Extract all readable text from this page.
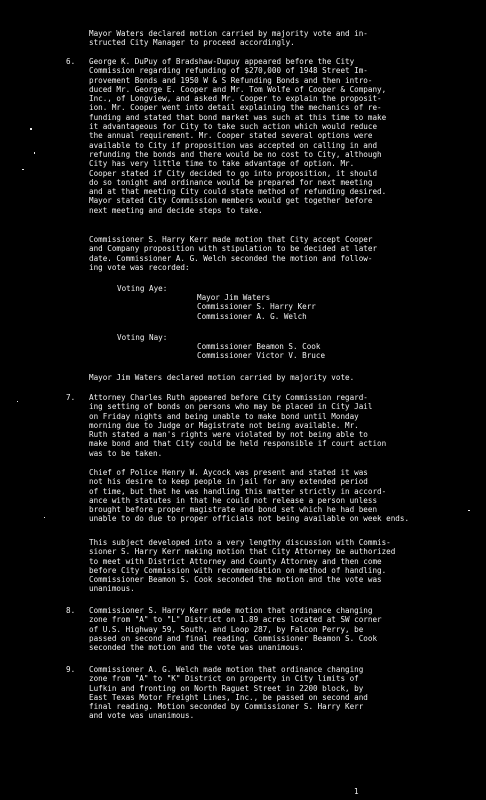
Mayor Waters declared motion carried by majority vote and in-
structed City Manager to proceed accordingly.
6.	George K. DuPuy of Bradshaw-Dupuy appeared before the City
Commission regarding refunding of $270,000 of 1948 Street Im-
provement Bonds and 1950 W & S Refunding Bonds and then intro-
duced Mr. George E. Cooper and Mr. Tom Wolfe of Cooper & Company,
Inc., of Longview, and asked Mr. Cooper to explain the proposit-
ion. Mr. Cooper went into detail explaining the mechanics of re-
funding and stated that bond market was such at this time to make
it advantageous for City to take such action which would reduce
the annual requirement. Mr. Cooper stated several options were
available to City if proposition was accepted on calling in and
refunding the bonds and there would be no cost to City, although
City has very little time to take advantage of option. Mr.
Cooper stated if City decided to go into proposition, it should
do so tonight and ordinance would be prepared for next meeting
and at that meeting City could state method of refunding desired.
Mayor stated City Commission members would get together before
next meeting and decide steps to take.
Commissioner S. Harry Kerr made motion that City accept Cooper
and Company proposition with stipulation to be decided at later
date. Commissioner A. G. Welch seconded the motion and follow-
ing vote was recorded:
Voting Aye:
Mayor Jim Waters
Commissioner S. Harry Kerr
Commissioner A. G. Welch
Voting Nay:
Commissioner Beamon S. Cook
Commissioner Victor V. Bruce
Mayor Jim Waters declared motion carried by majority vote.
7.	Attorney Charles Ruth appeared before City Commission regard-
ing setting of bonds on persons who may be placed in City Jail
on Friday nights and being unable to make bond until Monday
morning due to Judge or Magistrate not being available. Mr.
Ruth stated a man's rights were violated by not being able to
make bond and that City could be held responsible if court action
was to be taken.
Chief of Police Henry W. Aycock was present and stated it was
not his desire to keep people in jail for any extended period
of time, but that he was handling this matter strictly in accord-
ance with statutes in that he could not release a person unless
brought before proper magistrate and bond set which he had been
unable to do due to proper officials not being available on week ends.
This subject developed into a very lengthy discussion with Commis-
sioner S. Harry Kerr making motion that City Attorney be authorized
to meet with District Attorney and County Attorney and then come
before City Commission with recommendation on method of handling.
Commissioner Beamon S. Cook seconded the motion and the vote was
unanimous.
8.	Commissioner S. Harry Kerr made motion that ordinance changing
zone from "A" to "L" District on 1.89 acres located at SW corner
of U.S. Highway 59, South, and Loop 287, by Falcon Perry, be
passed on second and final reading. Commissioner Beamon S. Cook
seconded the motion and the vote was unanimous.
9.	Commissioner A. G. Welch made motion that ordinance changing
zone from "A" to "K" District on property in City limits of
Lufkin and fronting on North Raguet Street in 2200 block, by
East Texas Motor Freight Lines, Inc., be passed on second and
final reading. Motion seconded by Commissioner S. Harry Kerr
and vote was unanimous.
1
